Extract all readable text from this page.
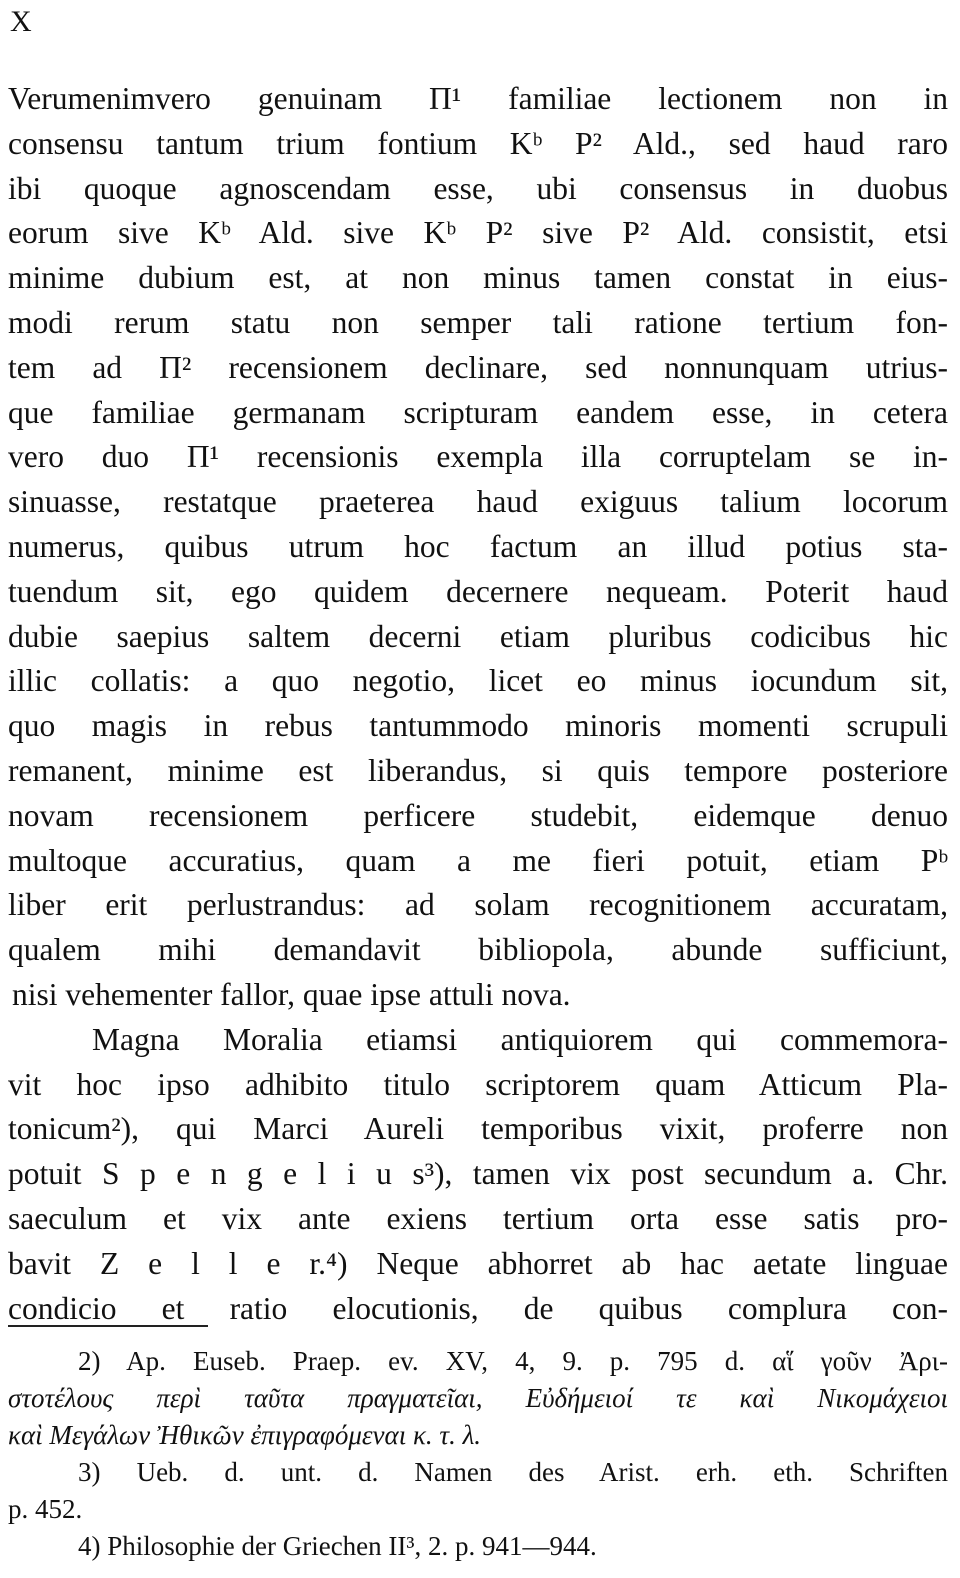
X
Verumenimvero genuinam Π¹ familiae lectionem non in
consensu tantum trium fontium Kᵇ P² Ald., sed haud raro
ibi quoque agnoscendam esse, ubi consensus in duobus
eorum sive Kᵇ Ald. sive Kᵇ P² sive P² Ald. consistit, etsi
minime dubium est, at non minus tamen constat in eius-
modi rerum statu non semper tali ratione tertium fon-
tem ad Π² recensionem declinare, sed nonnunquam utrius-
que familiae germanam scripturam eandem esse, in cetera
vero duo Π¹ recensionis exempla illa corruptelam se in-
sinuasse, restatque praeterea haud exiguus talium locorum
numerus, quibus utrum hoc factum an illud potius sta-
tuendum sit, ego quidem decernere nequeam. Poterit haud
dubie saepius saltem decerni etiam pluribus codicibus hic
illic collatis: a quo negotio, licet eo minus iocundum sit,
quo magis in rebus tantummodo minoris momenti scrupuli
remanent, minime est liberandus, si quis tempore posteriore
novam recensionem perficere studebit, eidemque denuo
multoque accuratius, quam a me fieri potuit, etiam Pᵇ
liber erit perlustrandus: ad solam recognitionem accuratam,
qualem mihi demandavit bibliopola, abunde sufficiunt,
nisi vehementer fallor, quae ipse attuli nova.
Magna Moralia etiamsi antiquiorem qui commemora-
vit hoc ipso adhibito titulo scriptorem quam Atticum Pla-
tonicum²), qui Marci Aureli temporibus vixit, proferre non
potuit S p e n g e l i u s³), tamen vix post secundum a. Chr.
saeculum et vix ante exiens tertium orta esse satis pro-
bavit Z e l l e r.⁴) Neque abhorret ab hac aetate linguae
condicio et ratio elocutionis, de quibus complura con-
2) Ap. Euseb. Praep. ev. XV, 4, 9. p. 795 d. αἵ γοῦν Ἀρι-
στοτέλους περὶ ταῦτα πραγματεῖαι, Εὐδήμειοί τε καὶ Νικομάχειοι
καὶ Μεγάλων Ἠθικῶν ἐπιγραφόμεναι κ. τ. λ.
3) Ueb. d. unt. d. Namen des Arist. erh. eth. Schriften
p. 452.
4) Philosophie der Griechen II³, 2. p. 941—944.
